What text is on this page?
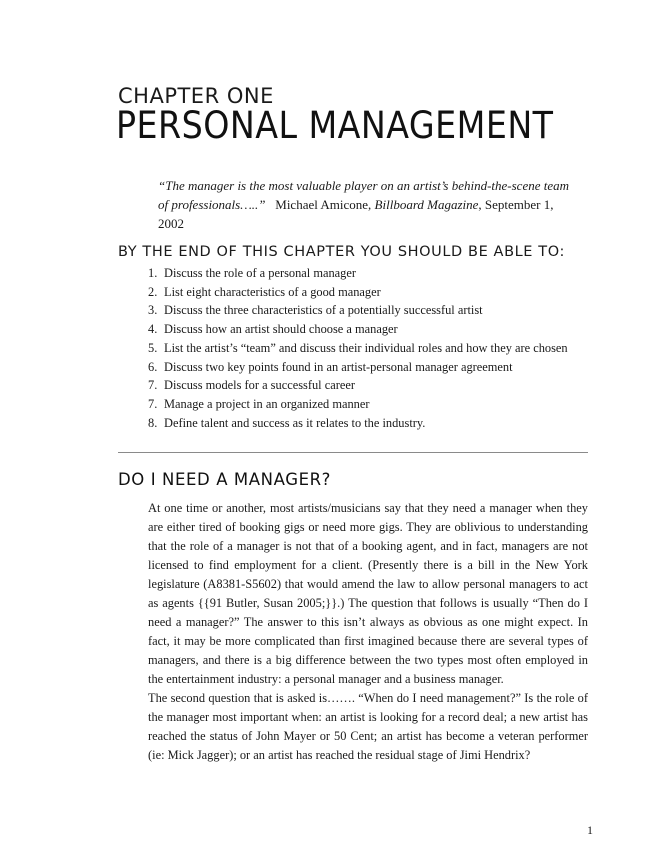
CHAPTER ONE
PERSONAL MANAGEMENT
“The manager is the most valuable player on an artist’s behind-the-scene team of professionals…..” Michael Amicone, Billboard Magazine, September 1, 2002
BY THE END OF THIS CHAPTER YOU SHOULD BE ABLE TO:
1. Discuss the role of a personal manager
2. List eight characteristics of a good manager
3. Discuss the three characteristics of a potentially successful artist
4. Discuss how an artist should choose a manager
5. List the artist’s “team” and discuss their individual roles and how they are chosen
6. Discuss two key points found in an artist-personal manager agreement
7. Discuss models for a successful career
7. Manage a project in an organized manner
8. Define talent and success as it relates to the industry.
DO I NEED A MANAGER?

At one time or another, most artists/musicians say that they need a manager when they are either tired of booking gigs or need more gigs. They are oblivious to understanding that the role of a manager is not that of a booking agent, and in fact, managers are not licensed to find employment for a client. (Presently there is a bill in the New York legislature (A8381-S5602) that would amend the law to allow personal managers to act as agents {{91 Butler, Susan 2005;}}.) The question that follows is usually “Then do I need a manager?” The answer to this isn’t always as obvious as one might expect. In fact, it may be more complicated than first imagined because there are several types of managers, and there is a big difference between the two types most often employed in the entertainment industry: a personal manager and a business manager.

The second question that is asked is……. “When do I need management?” Is the role of the manager most important when: an artist is looking for a record deal; a new artist has reached the status of John Mayer or 50 Cent; an artist has become a veteran performer (ie: Mick Jagger); or an artist has reached the residual stage of Jimi Hendrix?

1
